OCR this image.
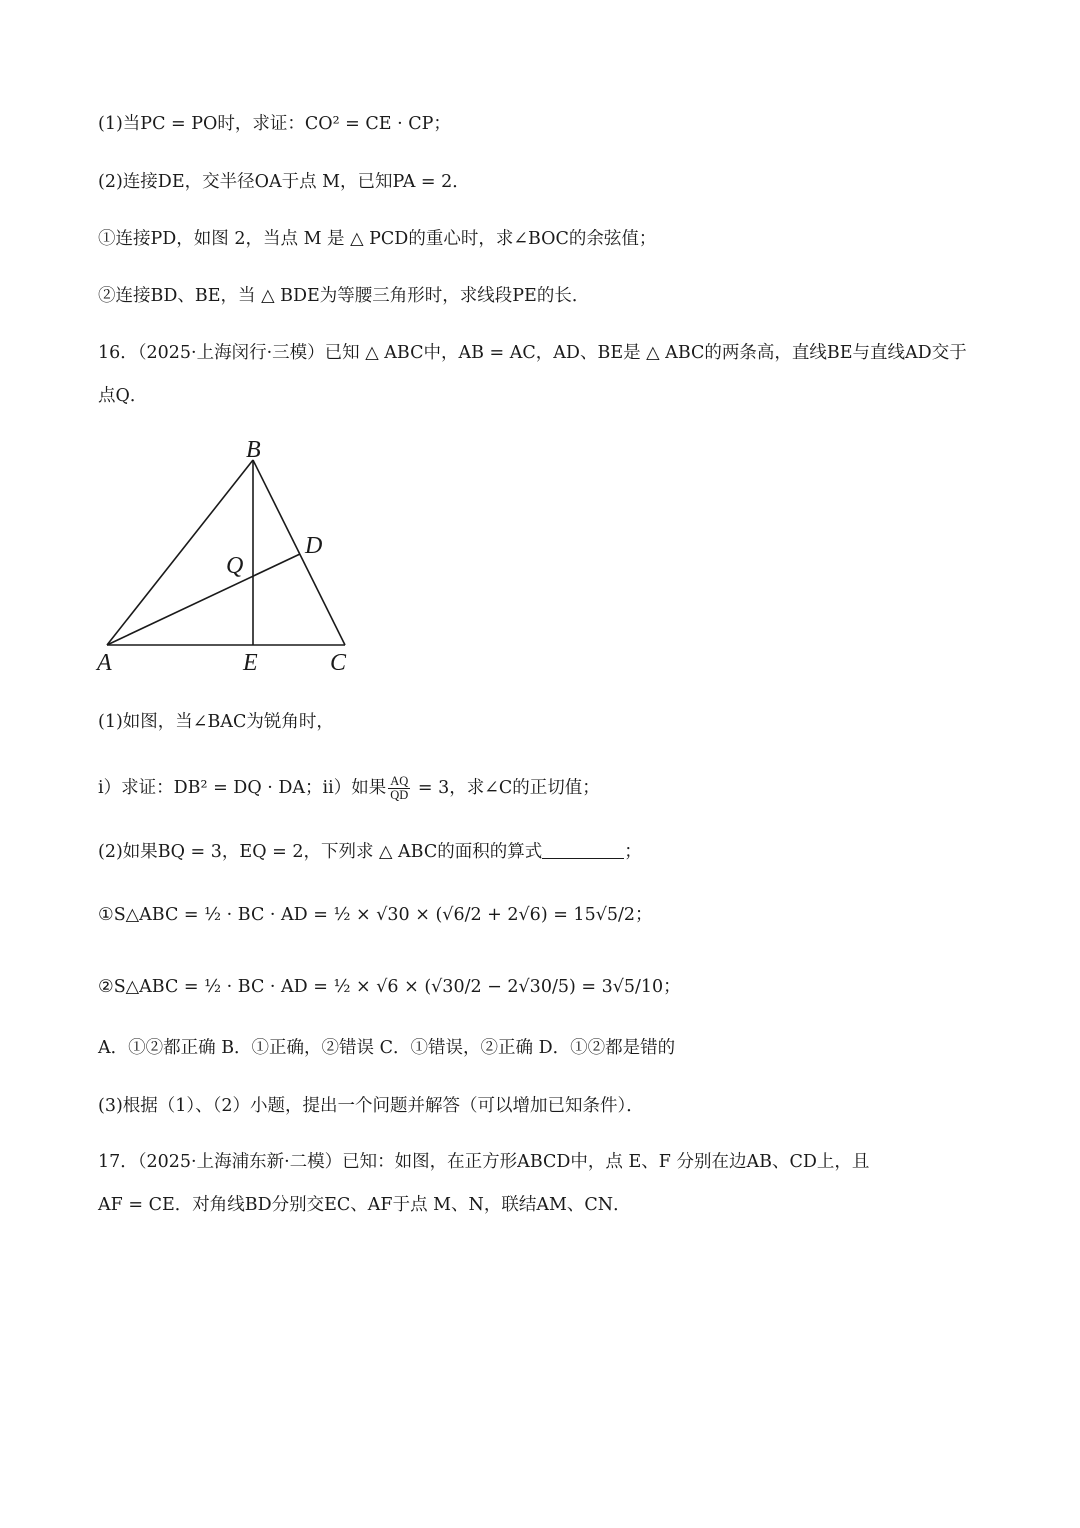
(1)当PC = PO时，求证：CO² = CE · CP；
(2)连接DE，交半径OA于点 M，已知PA = 2．
①连接PD，如图 2，当点 M 是 △ PCD的重心时，求∠BOC的余弦值；
②连接BD、BE，当 △ BDE为等腰三角形时，求线段PE的长．
16．（2025·上海闵行·三模）已知 △ ABC中，AB = AC，AD、BE是 △ ABC的两条高，直线BE与直线AD交于
点Q．
B
D
Q
A	E	C
(1)如图，当∠BAC为锐角时，
ⅰ）求证：DB² = DQ · DA；ⅱ）如果 $\frac{AQ}{QD} = 3$，求∠C的正切值；
(2)如果BQ = 3，EQ = 2，下列求 △ ABC的面积的算式	；
①S△ABC = ½ · BC · AD = ½ × √30 × (√6/2 + 2√6) = 15√5/2；
②S△ABC = ½ · BC · AD = ½ × √6 × (√30/2 − 2√30/5) = 3√5/10；
A．①②都正确 B．①正确，②错误 C．①错误，②正确 D．①②都是错的
(3)根据（1）、（2）小题，提出一个问题并解答（可以增加已知条件）．
17．（2025·上海浦东新·二模）已知：如图，在正方形ABCD中，点 E、F 分别在边AB、CD上，且
AF = CE．对角线BD分别交EC、AF于点 M、N，联结AM、CN．
